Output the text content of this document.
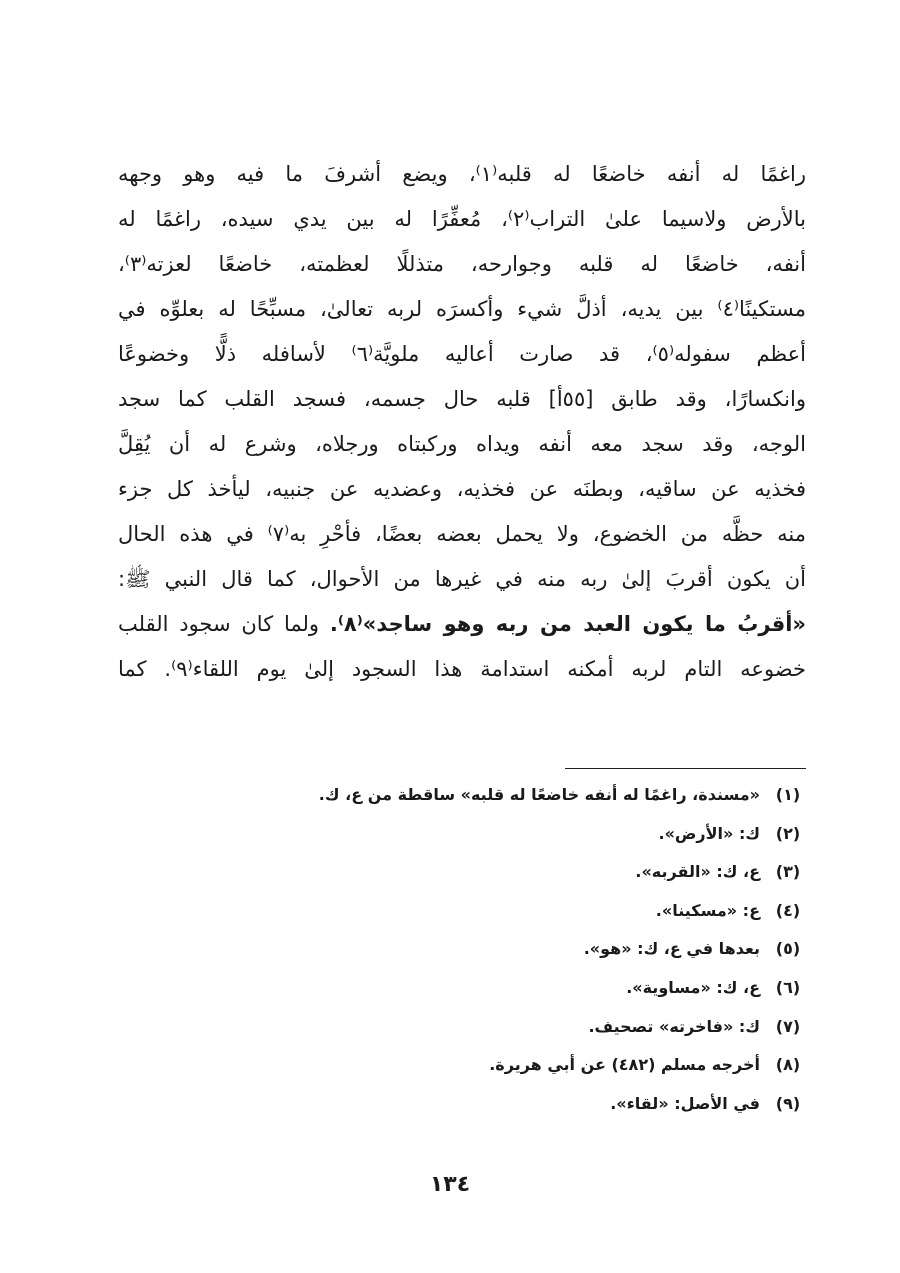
راغمًا له أنفه خاضعًا له قلبه⁽١⁾، ويضع أشرفَ ما فيه وهو وجهه
بالأرض ولاسيما علىٰ التراب⁽٢⁾، مُعفِّرًا له بين يدي سيده، راغمًا له
أنفه، خاضعًا له قلبه وجوارحه، متذللًا لعظمته، خاضعًا لعزته⁽٣⁾،
مستكينًا⁽٤⁾ بين يديه، أذلَّ شيء وأكسرَه لربه تعالىٰ، مسبِّحًا له بعلوِّه في
أعظم سفوله⁽٥⁾، قد صارت أعاليه ملويَّة⁽٦⁾ لأسافله ذلًّا وخضوعًا
وانكسارًا، وقد طابق [٥٥أ] قلبه حال جسمه، فسجد القلب كما سجد
الوجه، وقد سجد معه أنفه ويداه وركبتاه ورجلاه، وشرع له أن يُقِلَّ
فخذيه عن ساقيه، وبطنَه عن فخذيه، وعضديه عن جنبيه، ليأخذ كل جزء
منه حظَّه من الخضوع، ولا يحمل بعضه بعضًا، فأحْرِ به⁽٧⁾ في هذه الحال
أن يكون أقربَ إلىٰ ربه منه في غيرها من الأحوال، كما قال النبي ﷺ:
«أقربُ ما يكون العبد من ربه وهو ساجد»⁽٨⁾. ولما كان سجود القلب
خضوعه التام لربه أمكنه استدامة هذا السجود إلىٰ يوم اللقاء⁽٩⁾. كما
(١)
«مسندة، راغمًا له أنفه خاضعًا له قلبه» ساقطة من ع، ك.
(٢)
ك: «الأرض».
(٣)
ع، ك: «القربه».
(٤)
ع: «مسكينا».
(٥)
بعدها في ع، ك: «هو».
(٦)
ع، ك: «مساوية».
(٧)
ك: «فاخرته» تصحيف.
(٨)
أخرجه مسلم (٤٨٢) عن أبي هريرة.
(٩)
في الأصل: «لقاء».
١٣٤
